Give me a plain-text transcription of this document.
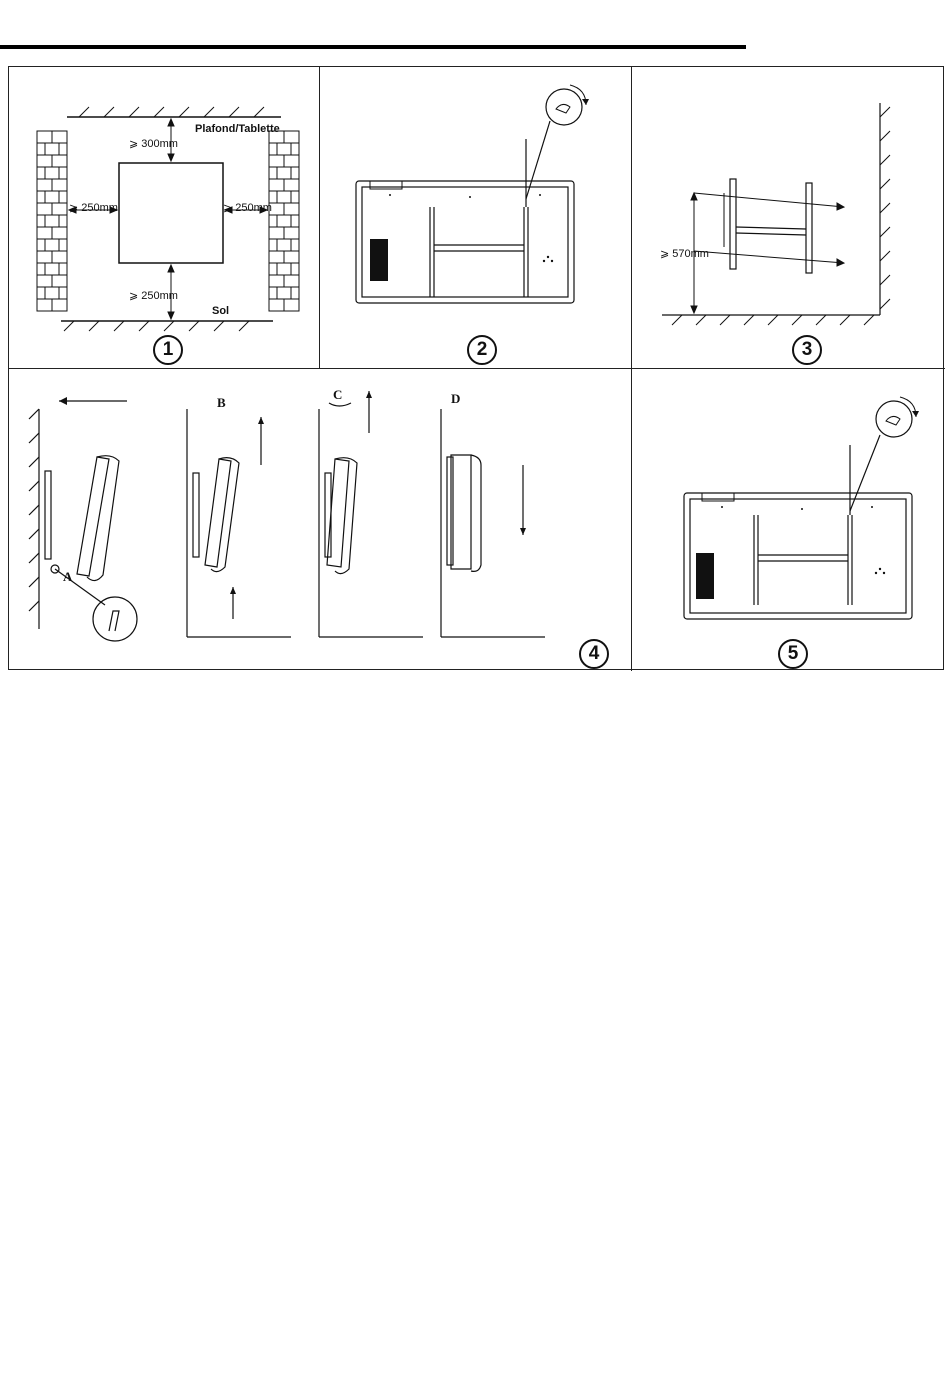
Plafond/Tablette
⩾ 300mm
⩾ 250mm	⩾ 250mm
⩾ 250mm
Sol
1	2
⩾ 570mm
3
A
B
C	D
4	5
